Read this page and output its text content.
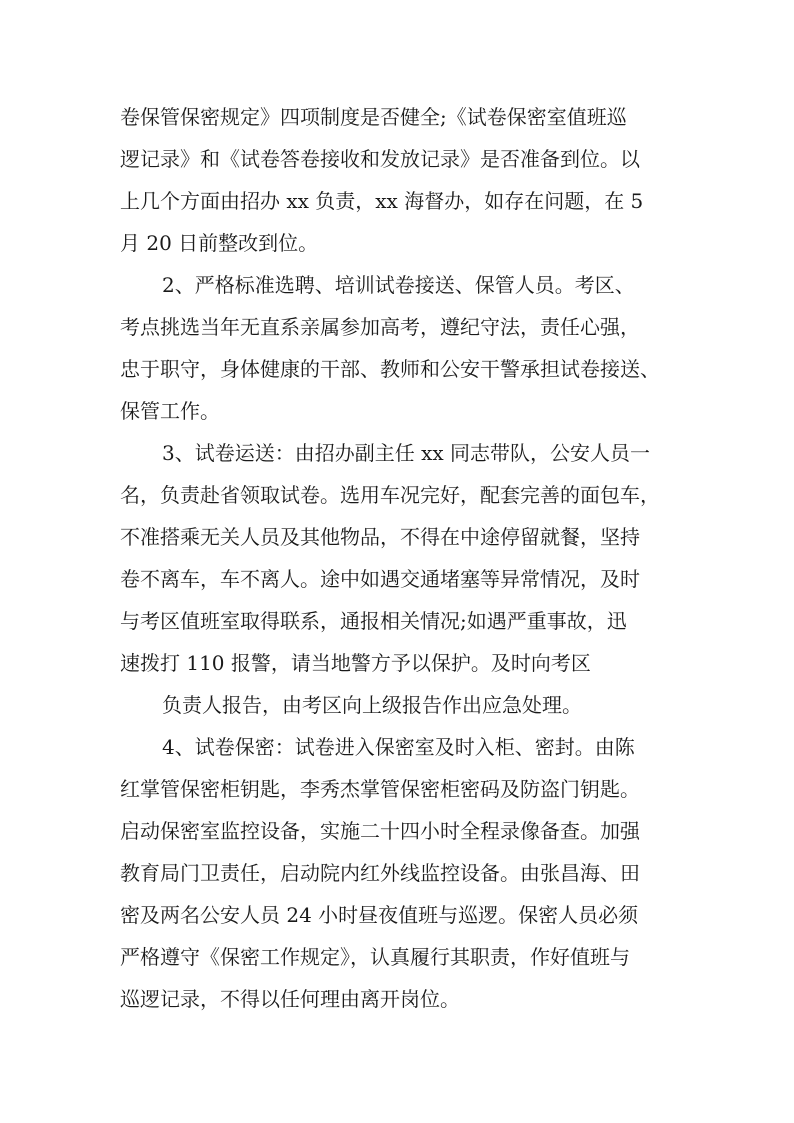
卷保管保密规定》四项制度是否健全;《试卷保密室值班巡
逻记录》和《试卷答卷接收和发放记录》是否准备到位。以
上几个方面由招办 xx 负责，xx 海督办，如存在问题，在 5
月 20 日前整改到位。
2、严格标准选聘、培训试卷接送、保管人员。考区、
考点挑选当年无直系亲属参加高考，遵纪守法，责任心强，
忠于职守，身体健康的干部、教师和公安干警承担试卷接送、
保管工作。
3、试卷运送：由招办副主任 xx 同志带队，公安人员一
名，负责赴省领取试卷。选用车况完好，配套完善的面包车，
不准搭乘无关人员及其他物品，不得在中途停留就餐，坚持
卷不离车，车不离人。途中如遇交通堵塞等异常情况，及时
与考区值班室取得联系，通报相关情况;如遇严重事故，迅
速拨打 110 报警，请当地警方予以保护。及时向考区
负责人报告，由考区向上级报告作出应急处理。
4、试卷保密：试卷进入保密室及时入柜、密封。由陈
红掌管保密柜钥匙，李秀杰掌管保密柜密码及防盗门钥匙。
启动保密室监控设备，实施二十四小时全程录像备查。加强
教育局门卫责任，启动院内红外线监控设备。由张昌海、田
密及两名公安人员 24 小时昼夜值班与巡逻。保密人员必须
严格遵守《保密工作规定》，认真履行其职责，作好值班与
巡逻记录，不得以任何理由离开岗位。
